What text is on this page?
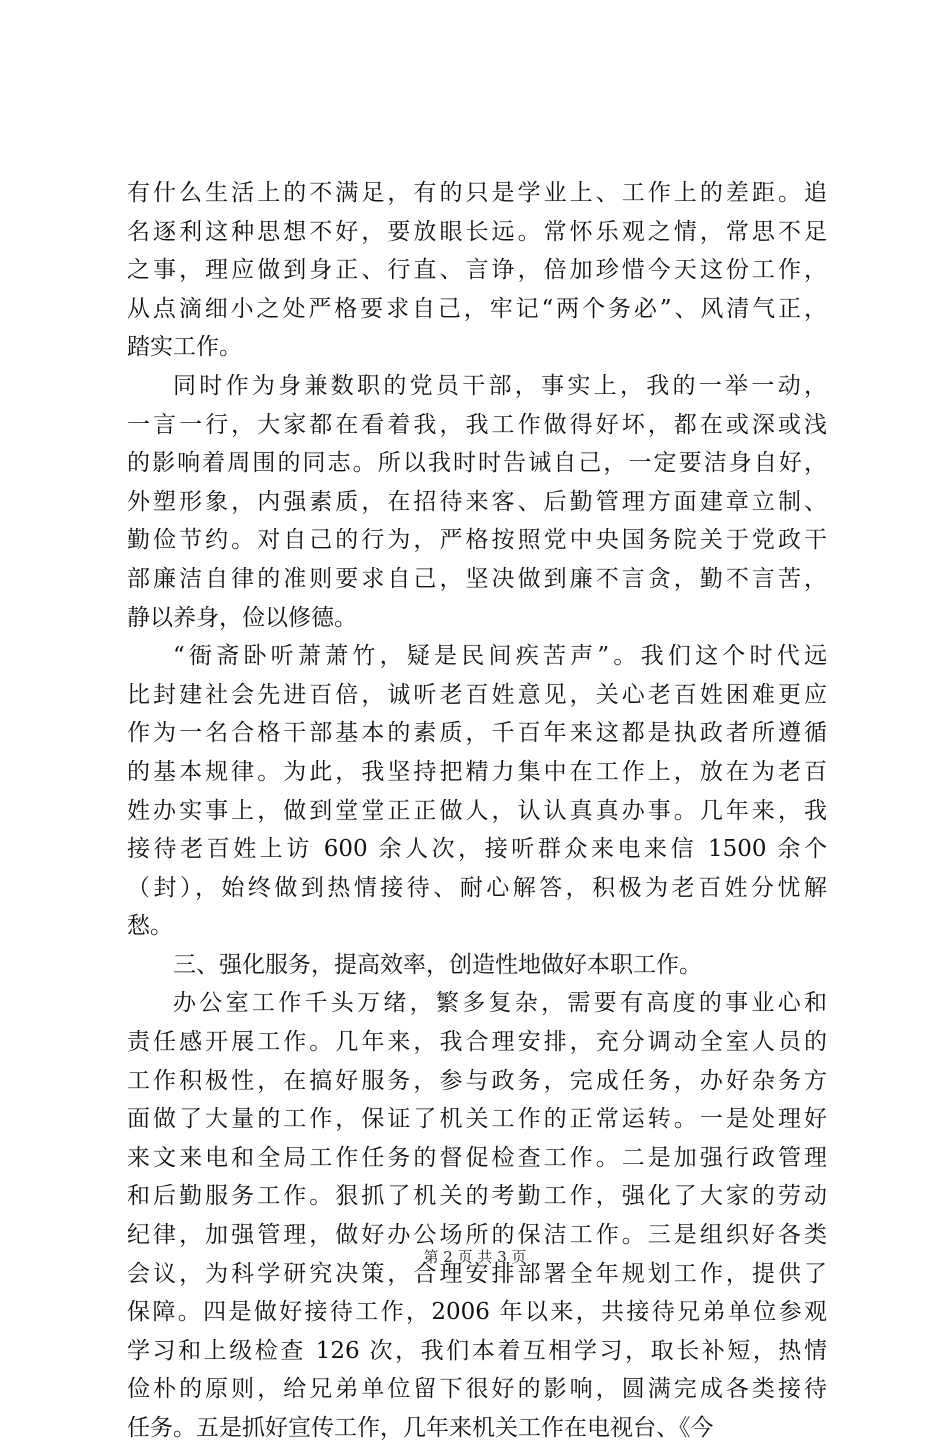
有什么生活上的不满足，有的只是学业上、工作上的差距。追
名逐利这种思想不好，要放眼长远。常怀乐观之情，常思不足
之事，理应做到身正、行直、言诤，倍加珍惜今天这份工作，
从点滴细小之处严格要求自己，牢记“两个务必”、风清气正，
踏实工作。
同时作为身兼数职的党员干部，事实上，我的一举一动，
一言一行，大家都在看着我，我工作做得好坏，都在或深或浅
的影响着周围的同志。所以我时时告诫自己，一定要洁身自好，
外塑形象，内强素质，在招待来客、后勤管理方面建章立制、
勤俭节约。对自己的行为，严格按照党中央国务院关于党政干
部廉洁自律的准则要求自己，坚决做到廉不言贪，勤不言苦，
静以养身，俭以修德。
“衙斋卧听萧萧竹，疑是民间疾苦声”。我们这个时代远
比封建社会先进百倍，诚听老百姓意见，关心老百姓困难更应
作为一名合格干部基本的素质，千百年来这都是执政者所遵循
的基本规律。为此，我坚持把精力集中在工作上，放在为老百
姓办实事上，做到堂堂正正做人，认认真真办事。几年来，我
接待老百姓上访 600 余人次，接听群众来电来信 1500 余个
（封），始终做到热情接待、耐心解答，积极为老百姓分忧解
愁。
三、强化服务，提高效率，创造性地做好本职工作。
办公室工作千头万绪，繁多复杂，需要有高度的事业心和
责任感开展工作。几年来，我合理安排，充分调动全室人员的
工作积极性，在搞好服务，参与政务，完成任务，办好杂务方
面做了大量的工作，保证了机关工作的正常运转。一是处理好
来文来电和全局工作任务的督促检查工作。二是加强行政管理
和后勤服务工作。狠抓了机关的考勤工作，强化了大家的劳动
纪律，加强管理，做好办公场所的保洁工作。三是组织好各类
会议，为科学研究决策，合理安排部署全年规划工作，提供了
保障。四是做好接待工作，2006 年以来，共接待兄弟单位参观
学习和上级检查 126 次，我们本着互相学习，取长补短，热情
俭朴的原则，给兄弟单位留下很好的影响，圆满完成各类接待
任务。五是抓好宣传工作，几年来机关工作在电视台、《今
第 2 页 共 3 页
